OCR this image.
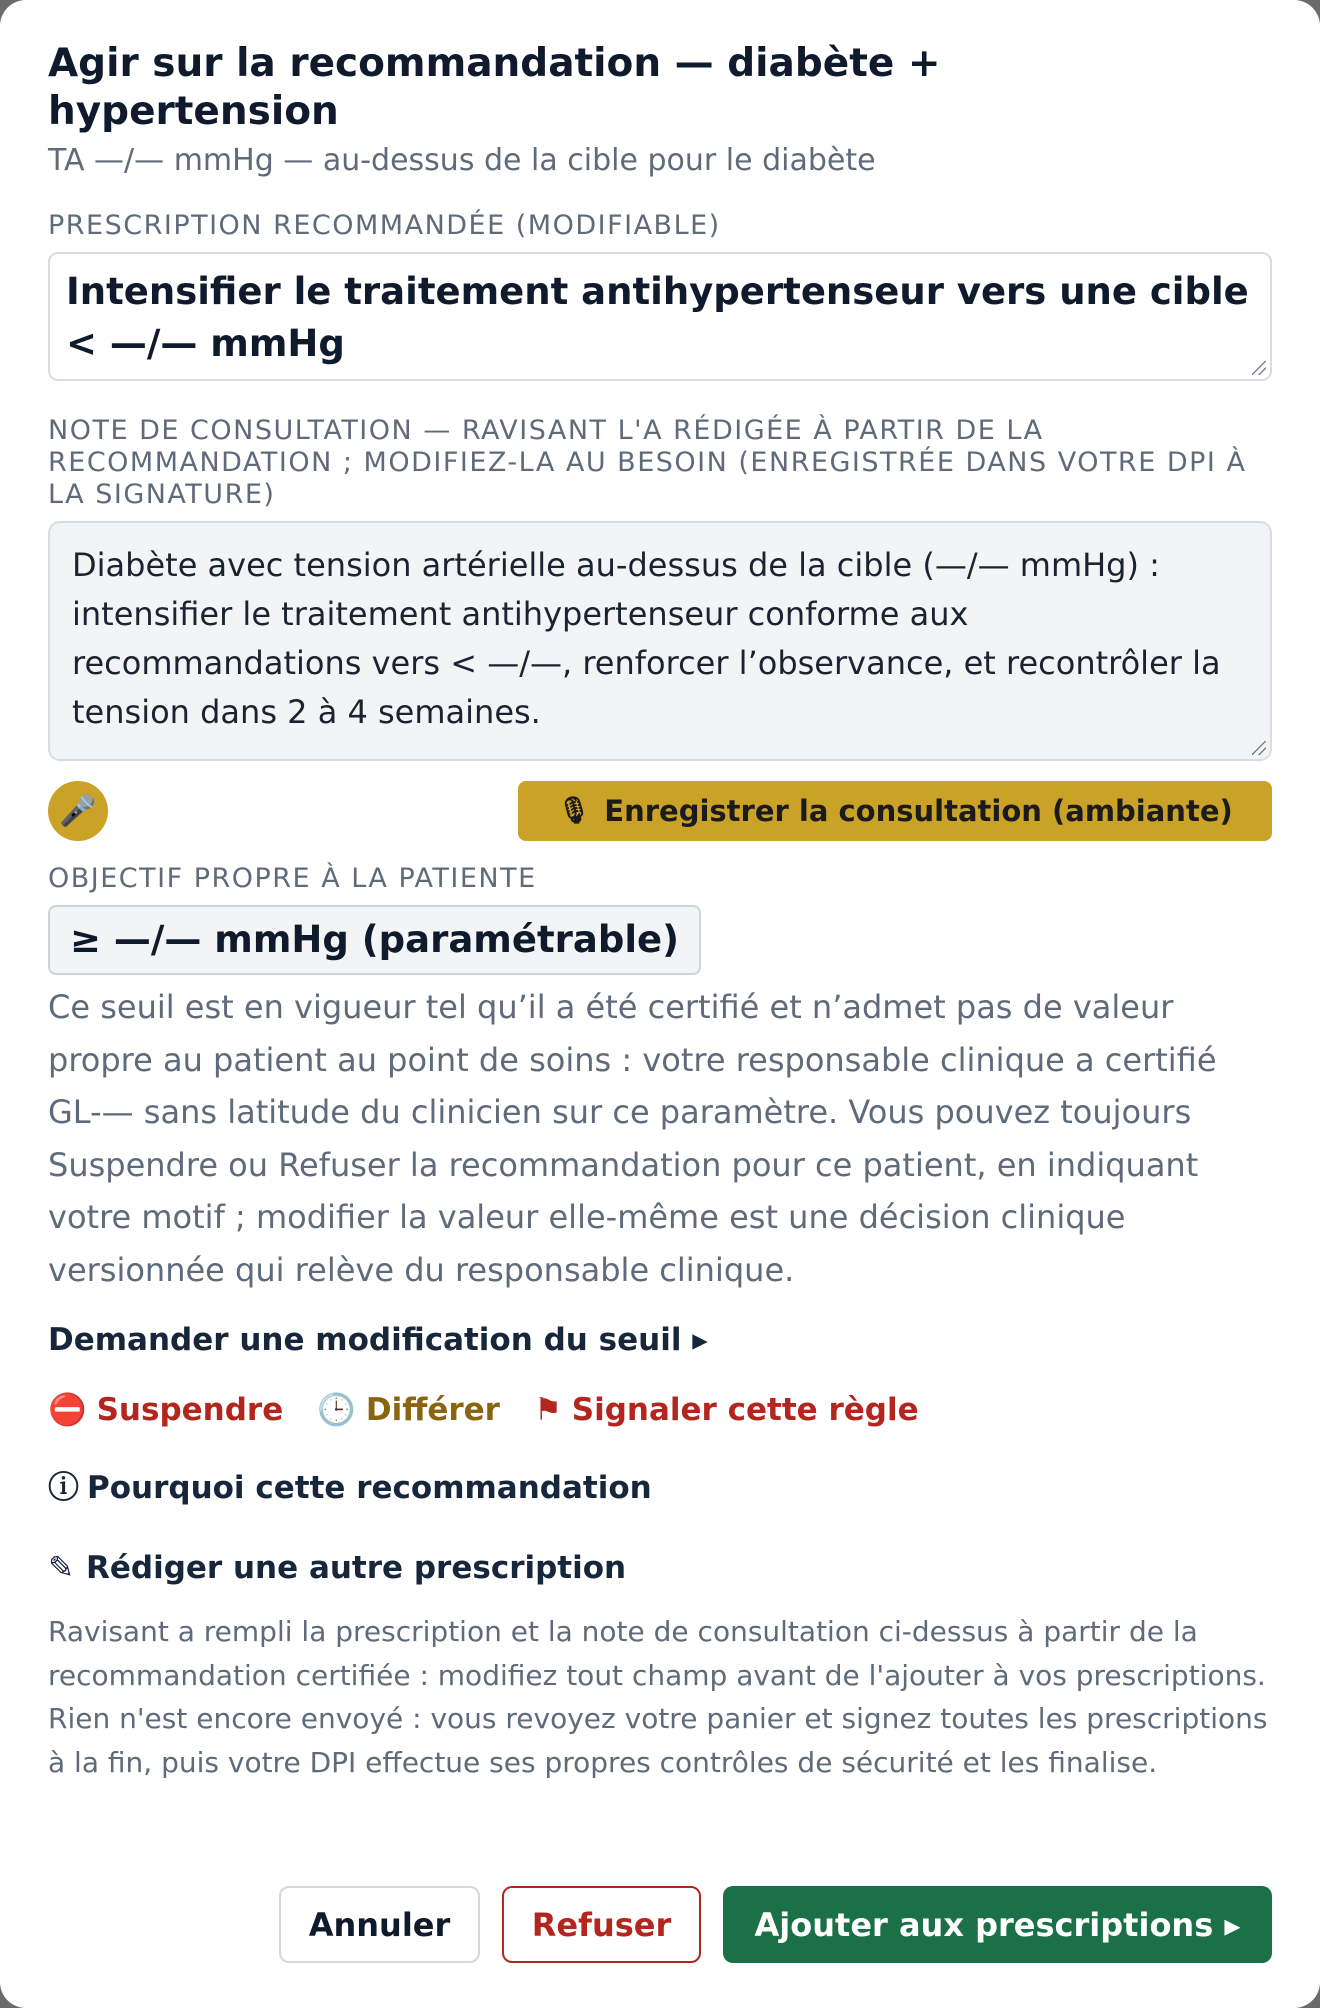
Agir sur la recommandation — diabète + hypertension
TA —/— mmHg — au-dessus de la cible pour le diabète
PRESCRIPTION RECOMMANDÉE (MODIFIABLE)
Intensifier le traitement antihypertenseur vers une cible < —/— mmHg
NOTE DE CONSULTATION — RAVISANT L'A RÉDIGÉE À PARTIR DE LA RECOMMANDATION ; MODIFIEZ-LA AU BESOIN (ENREGISTRÉE DANS VOTRE DPI À LA SIGNATURE)
Diabète avec tension artérielle au-dessus de la cible (—/— mmHg) : intensifier le traitement antihypertenseur conforme aux recommandations vers < —/—, renforcer l’observance, et recontrôler la tension dans 2 à 4 semaines.
🎤	🎙 Enregistrer la consultation (ambiante)
OBJECTIF PROPRE À LA PATIENTE
≥ —/— mmHg (paramétrable)
Ce seuil est en vigueur tel qu’il a été certifié et n’admet pas de valeur propre au patient au point de soins : votre responsable clinique a certifié GL-— sans latitude du clinicien sur ce paramètre. Vous pouvez toujours Suspendre ou Refuser la recommandation pour ce patient, en indiquant votre motif ; modifier la valeur elle-même est une décision clinique versionnée qui relève du responsable clinique.
Demander une modification du seuil ▸
⛔ Suspendre 🕒 Différer ⚑ Signaler cette règle
ⓘ Pourquoi cette recommandation
✎ Rédiger une autre prescription
Ravisant a rempli la prescription et la note de consultation ci-dessus à partir de la recommandation certifiée : modifiez tout champ avant de l'ajouter à vos prescriptions. Rien n'est encore envoyé : vous revoyez votre panier et signez toutes les prescriptions à la fin, puis votre DPI effectue ses propres contrôles de sécurité et les finalise.
Annuler	Refuser	Ajouter aux prescriptions ▸
